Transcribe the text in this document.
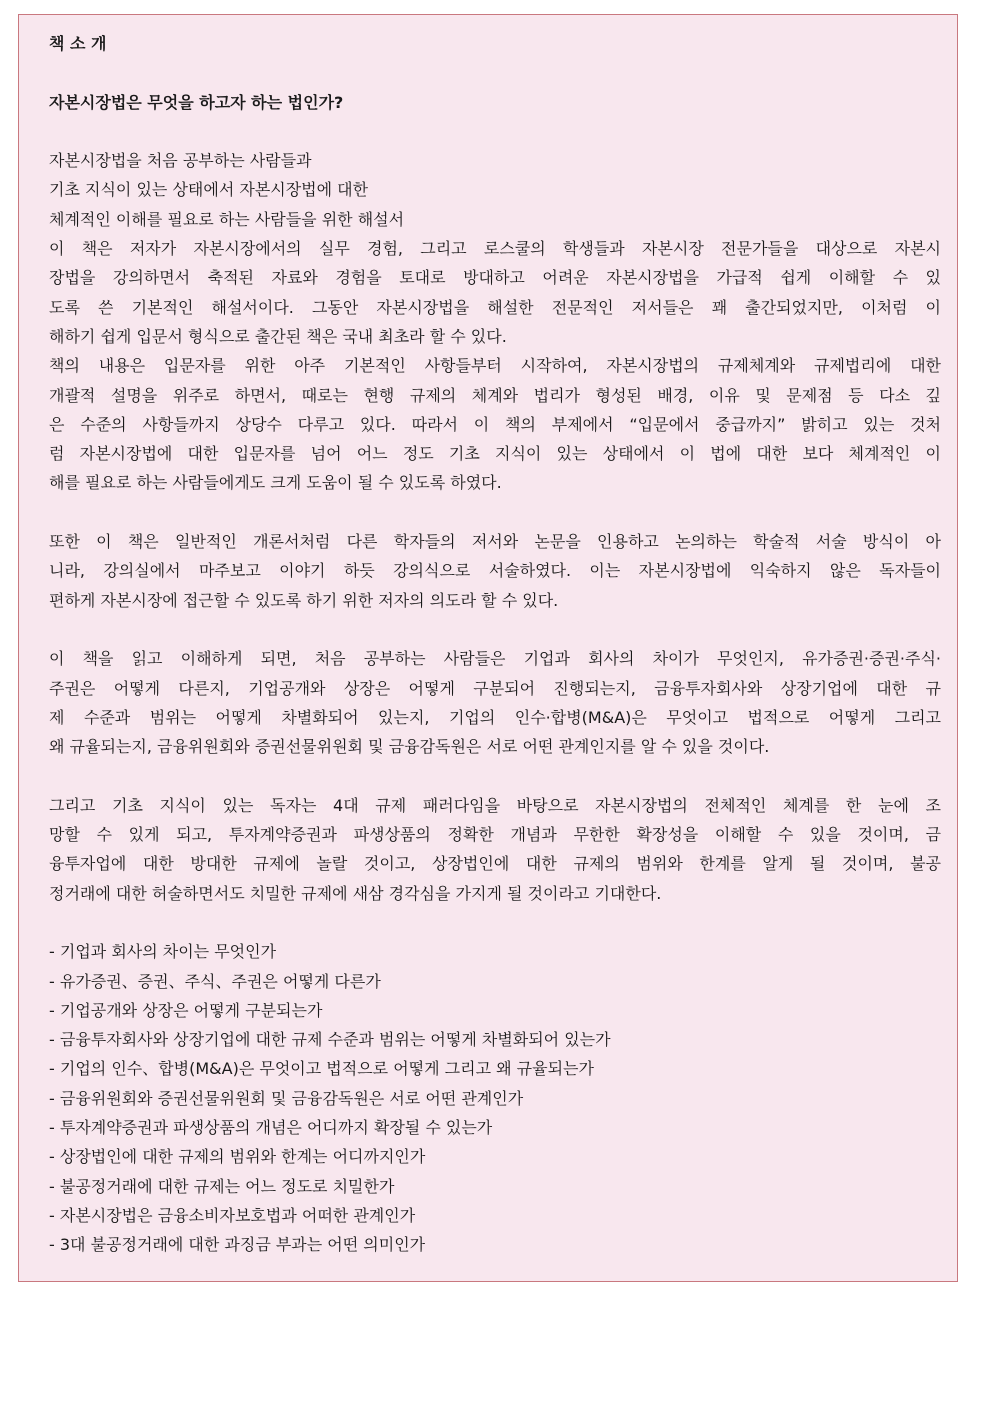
책 소 개
자본시장법은 무엇을 하고자 하는 법인가?
자본시장법을 처음 공부하는 사람들과
기초 지식이 있는 상태에서 자본시장법에 대한
체계적인 이해를 필요로 하는 사람들을 위한 해설서
이 책은 저자가 자본시장에서의 실무 경험, 그리고 로스쿨의 학생들과 자본시장 전문가들을 대상으로 자본시
장법을 강의하면서 축적된 자료와 경험을 토대로 방대하고 어려운 자본시장법을 가급적 쉽게 이해할 수 있
도록 쓴 기본적인 해설서이다. 그동안 자본시장법을 해설한 전문적인 저서들은 꽤 출간되었지만, 이처럼 이
해하기 쉽게 입문서 형식으로 출간된 책은 국내 최초라 할 수 있다.
책의 내용은 입문자를 위한 아주 기본적인 사항들부터 시작하여, 자본시장법의 규제체계와 규제법리에 대한
개괄적 설명을 위주로 하면서, 때로는 현행 규제의 체계와 법리가 형성된 배경, 이유 및 문제점 등 다소 깊
은 수준의 사항들까지 상당수 다루고 있다. 따라서 이 책의 부제에서 “입문에서 중급까지” 밝히고 있는 것처
럼 자본시장법에 대한 입문자를 넘어 어느 정도 기초 지식이 있는 상태에서 이 법에 대한 보다 체계적인 이
해를 필요로 하는 사람들에게도 크게 도움이 될 수 있도록 하였다.
또한 이 책은 일반적인 개론서처럼 다른 학자들의 저서와 논문을 인용하고 논의하는 학술적 서술 방식이 아
니라, 강의실에서 마주보고 이야기 하듯 강의식으로 서술하였다. 이는 자본시장법에 익숙하지 않은 독자들이
편하게 자본시장에 접근할 수 있도록 하기 위한 저자의 의도라 할 수 있다.
이 책을 읽고 이해하게 되면, 처음 공부하는 사람들은 기업과 회사의 차이가 무엇인지, 유가증권·증권·주식·
주권은 어떻게 다른지, 기업공개와 상장은 어떻게 구분되어 진행되는지, 금융투자회사와 상장기업에 대한 규
제 수준과 범위는 어떻게 차별화되어 있는지, 기업의 인수·합병(M&A)은 무엇이고 법적으로 어떻게 그리고
왜 규율되는지, 금융위원회와 증권선물위원회 및 금융감독원은 서로 어떤 관계인지를 알 수 있을 것이다.
그리고 기초 지식이 있는 독자는 4대 규제 패러다임을 바탕으로 자본시장법의 전체적인 체계를 한 눈에 조
망할 수 있게 되고, 투자계약증권과 파생상품의 정확한 개념과 무한한 확장성을 이해할 수 있을 것이며, 금
융투자업에 대한 방대한 규제에 놀랄 것이고, 상장법인에 대한 규제의 범위와 한계를 알게 될 것이며, 불공
정거래에 대한 허술하면서도 치밀한 규제에 새삼 경각심을 가지게 될 것이라고 기대한다.
- 기업과 회사의 차이는 무엇인가
- 유가증권、증권、주식、주권은 어떻게 다른가
- 기업공개와 상장은 어떻게 구분되는가
- 금융투자회사와 상장기업에 대한 규제 수준과 범위는 어떻게 차별화되어 있는가
- 기업의 인수、합병(M&A)은 무엇이고 법적으로 어떻게 그리고 왜 규율되는가
- 금융위원회와 증권선물위원회 및 금융감독원은 서로 어떤 관계인가
- 투자계약증권과 파생상품의 개념은 어디까지 확장될 수 있는가
- 상장법인에 대한 규제의 범위와 한계는 어디까지인가
- 불공정거래에 대한 규제는 어느 정도로 치밀한가
- 자본시장법은 금융소비자보호법과 어떠한 관계인가
- 3대 불공정거래에 대한 과징금 부과는 어떤 의미인가
